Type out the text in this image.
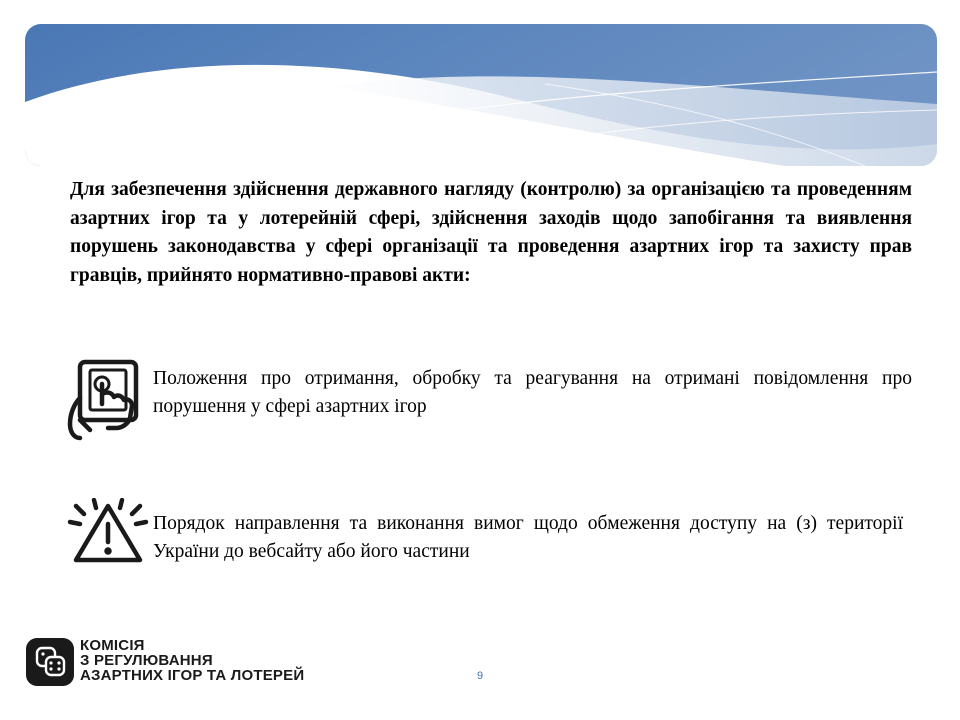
Для забезпечення здійснення державного нагляду (контролю) за організацією та проведенням азартних ігор та у лотерейній сфері, здійснення заходів щодо запобігання та виявлення порушень законодавства у сфері організації та проведення азартних ігор та захисту прав гравців, прийнято нормативно-правові акти:

Положення про отримання, обробку та реагування на отримані повідомлення про порушення у сфері азартних ігор

Порядок направлення та виконання вимог щодо обмеження доступу на (з) території України до вебсайту або його частини

КОМІСІЯ
З РЕГУЛЮВАННЯ
АЗАРТНИХ ІГОР ТА ЛОТЕРЕЙ	9
